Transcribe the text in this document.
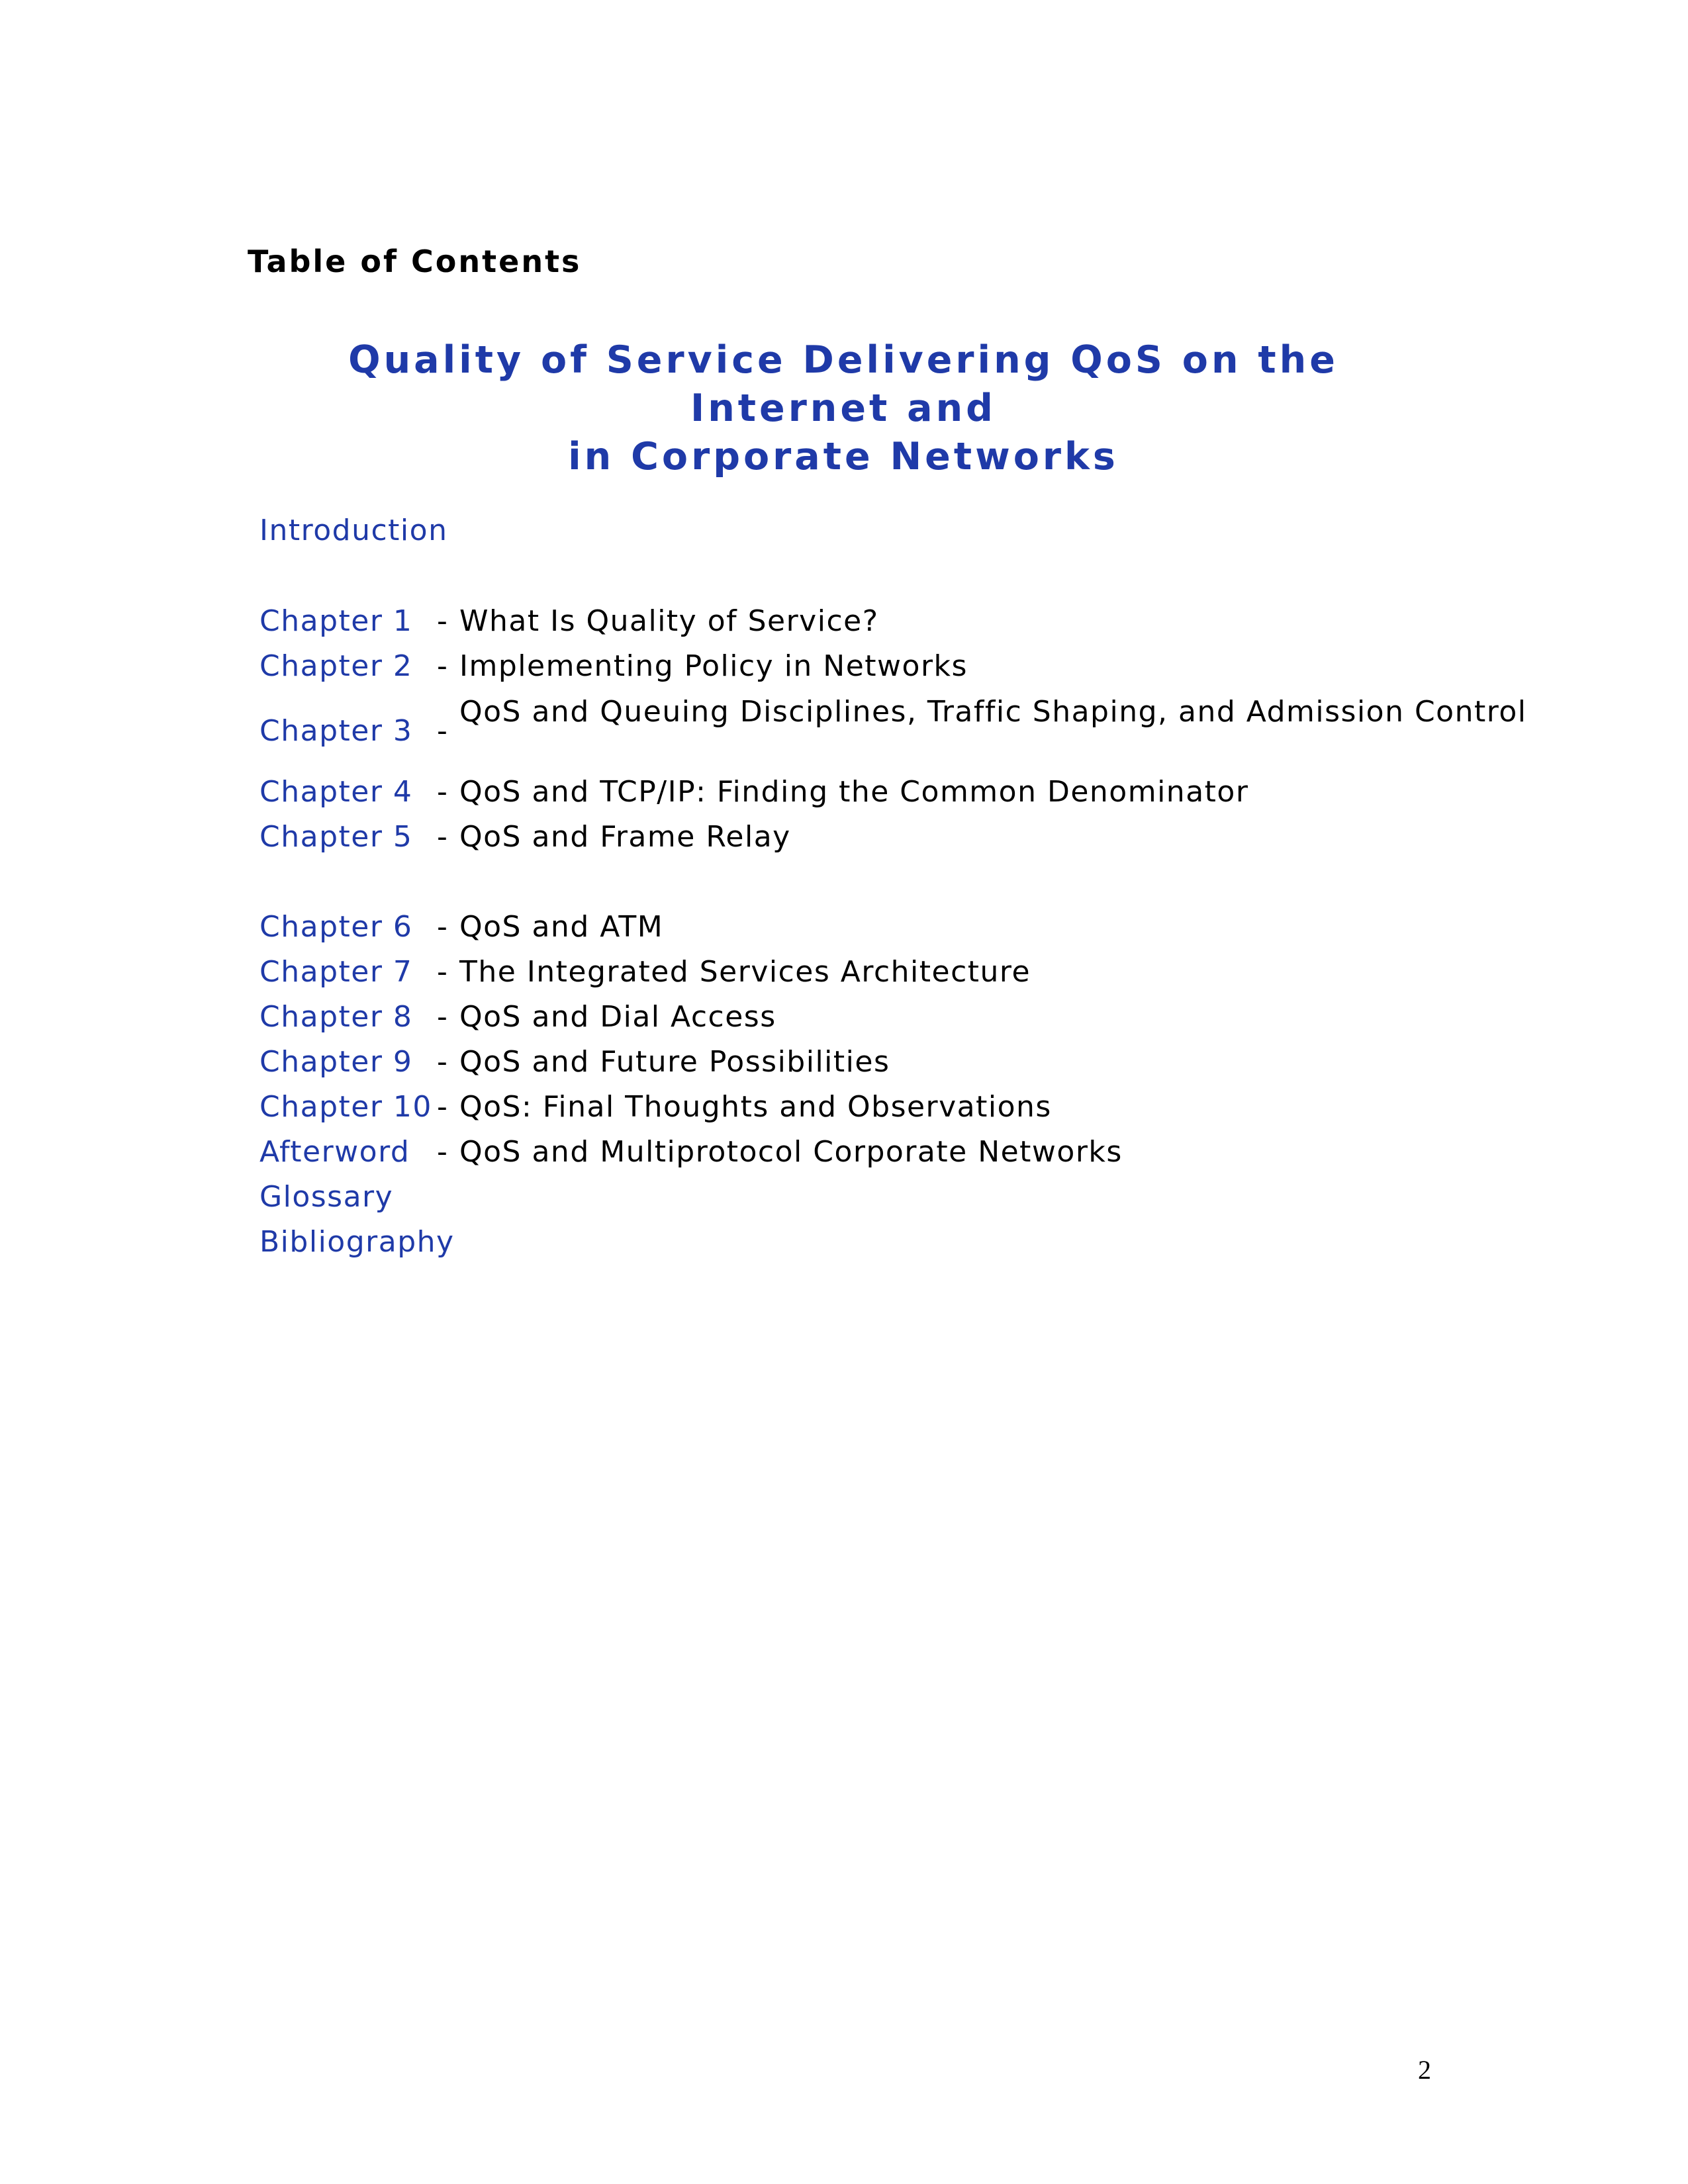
Table of Contents
Quality of Service Delivering QoS on the Internet and
in Corporate Networks
Introduction
Chapter 1 - What Is Quality of Service?
Chapter 2 - Implementing Policy in Networks
Chapter 3 -
QoS and Queuing Disciplines, Traffic Shaping, and Admission Control
Chapter 4 - QoS and TCP/IP: Finding the Common Denominator
Chapter 5 - QoS and Frame Relay
Chapter 6 - QoS and ATM
Chapter 7 - The Integrated Services Architecture
Chapter 8 - QoS and Dial Access
Chapter 9 - QoS and Future Possibilities
Chapter 10 - QoS: Final Thoughts and Observations
Afterword - QoS and Multiprotocol Corporate Networks
Glossary
Bibliography
2
